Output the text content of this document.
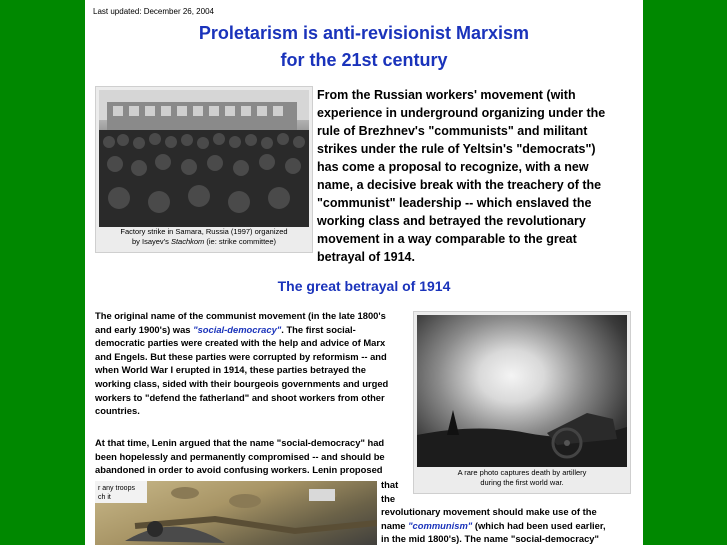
Last updated: December 26, 2004
Proletarism is anti-revisionist Marxism
for the 21st century
Factory strike in Samara, Russia (1997) organized
by Isayev's Stachkom (ie: strike committee)
From the Russian workers' movement (with
experience in underground organizing under the
rule of Brezhnev's "communists" and militant
strikes under the rule of Yeltsin's "democrats")
has come a proposal to recognize, with a new
name, a decisive break with the treachery of the
"communist" leadership -- which enslaved the
working class and betrayed the revolutionary
movement in a way comparable to the great
betrayal of 1914.
The great betrayal of 1914
The original name of the communist movement (in the late 1800's
and early 1900's) was "social-democracy". The first social-
democratic parties were created with the help and advice of Marx
and Engels. But these parties were corrupted by reformism -- and
when World War I erupted in 1914, these parties betrayed the
working class, sided with their bourgeois governments and urged
workers to "defend the fatherland" and shoot workers from other
countries.
At that time, Lenin argued that the name "social-democracy" had
been hopelessly and permanently compromised -- and should be
abandoned in order to avoid confusing workers. Lenin proposed
that
the
revolutionary movement should make use of the
name "communism" (which had been used earlier,
in the mid 1800's). The name "social-democracy"
A rare photo captures death by artillery
during the first world war.
r any troops
ch it
